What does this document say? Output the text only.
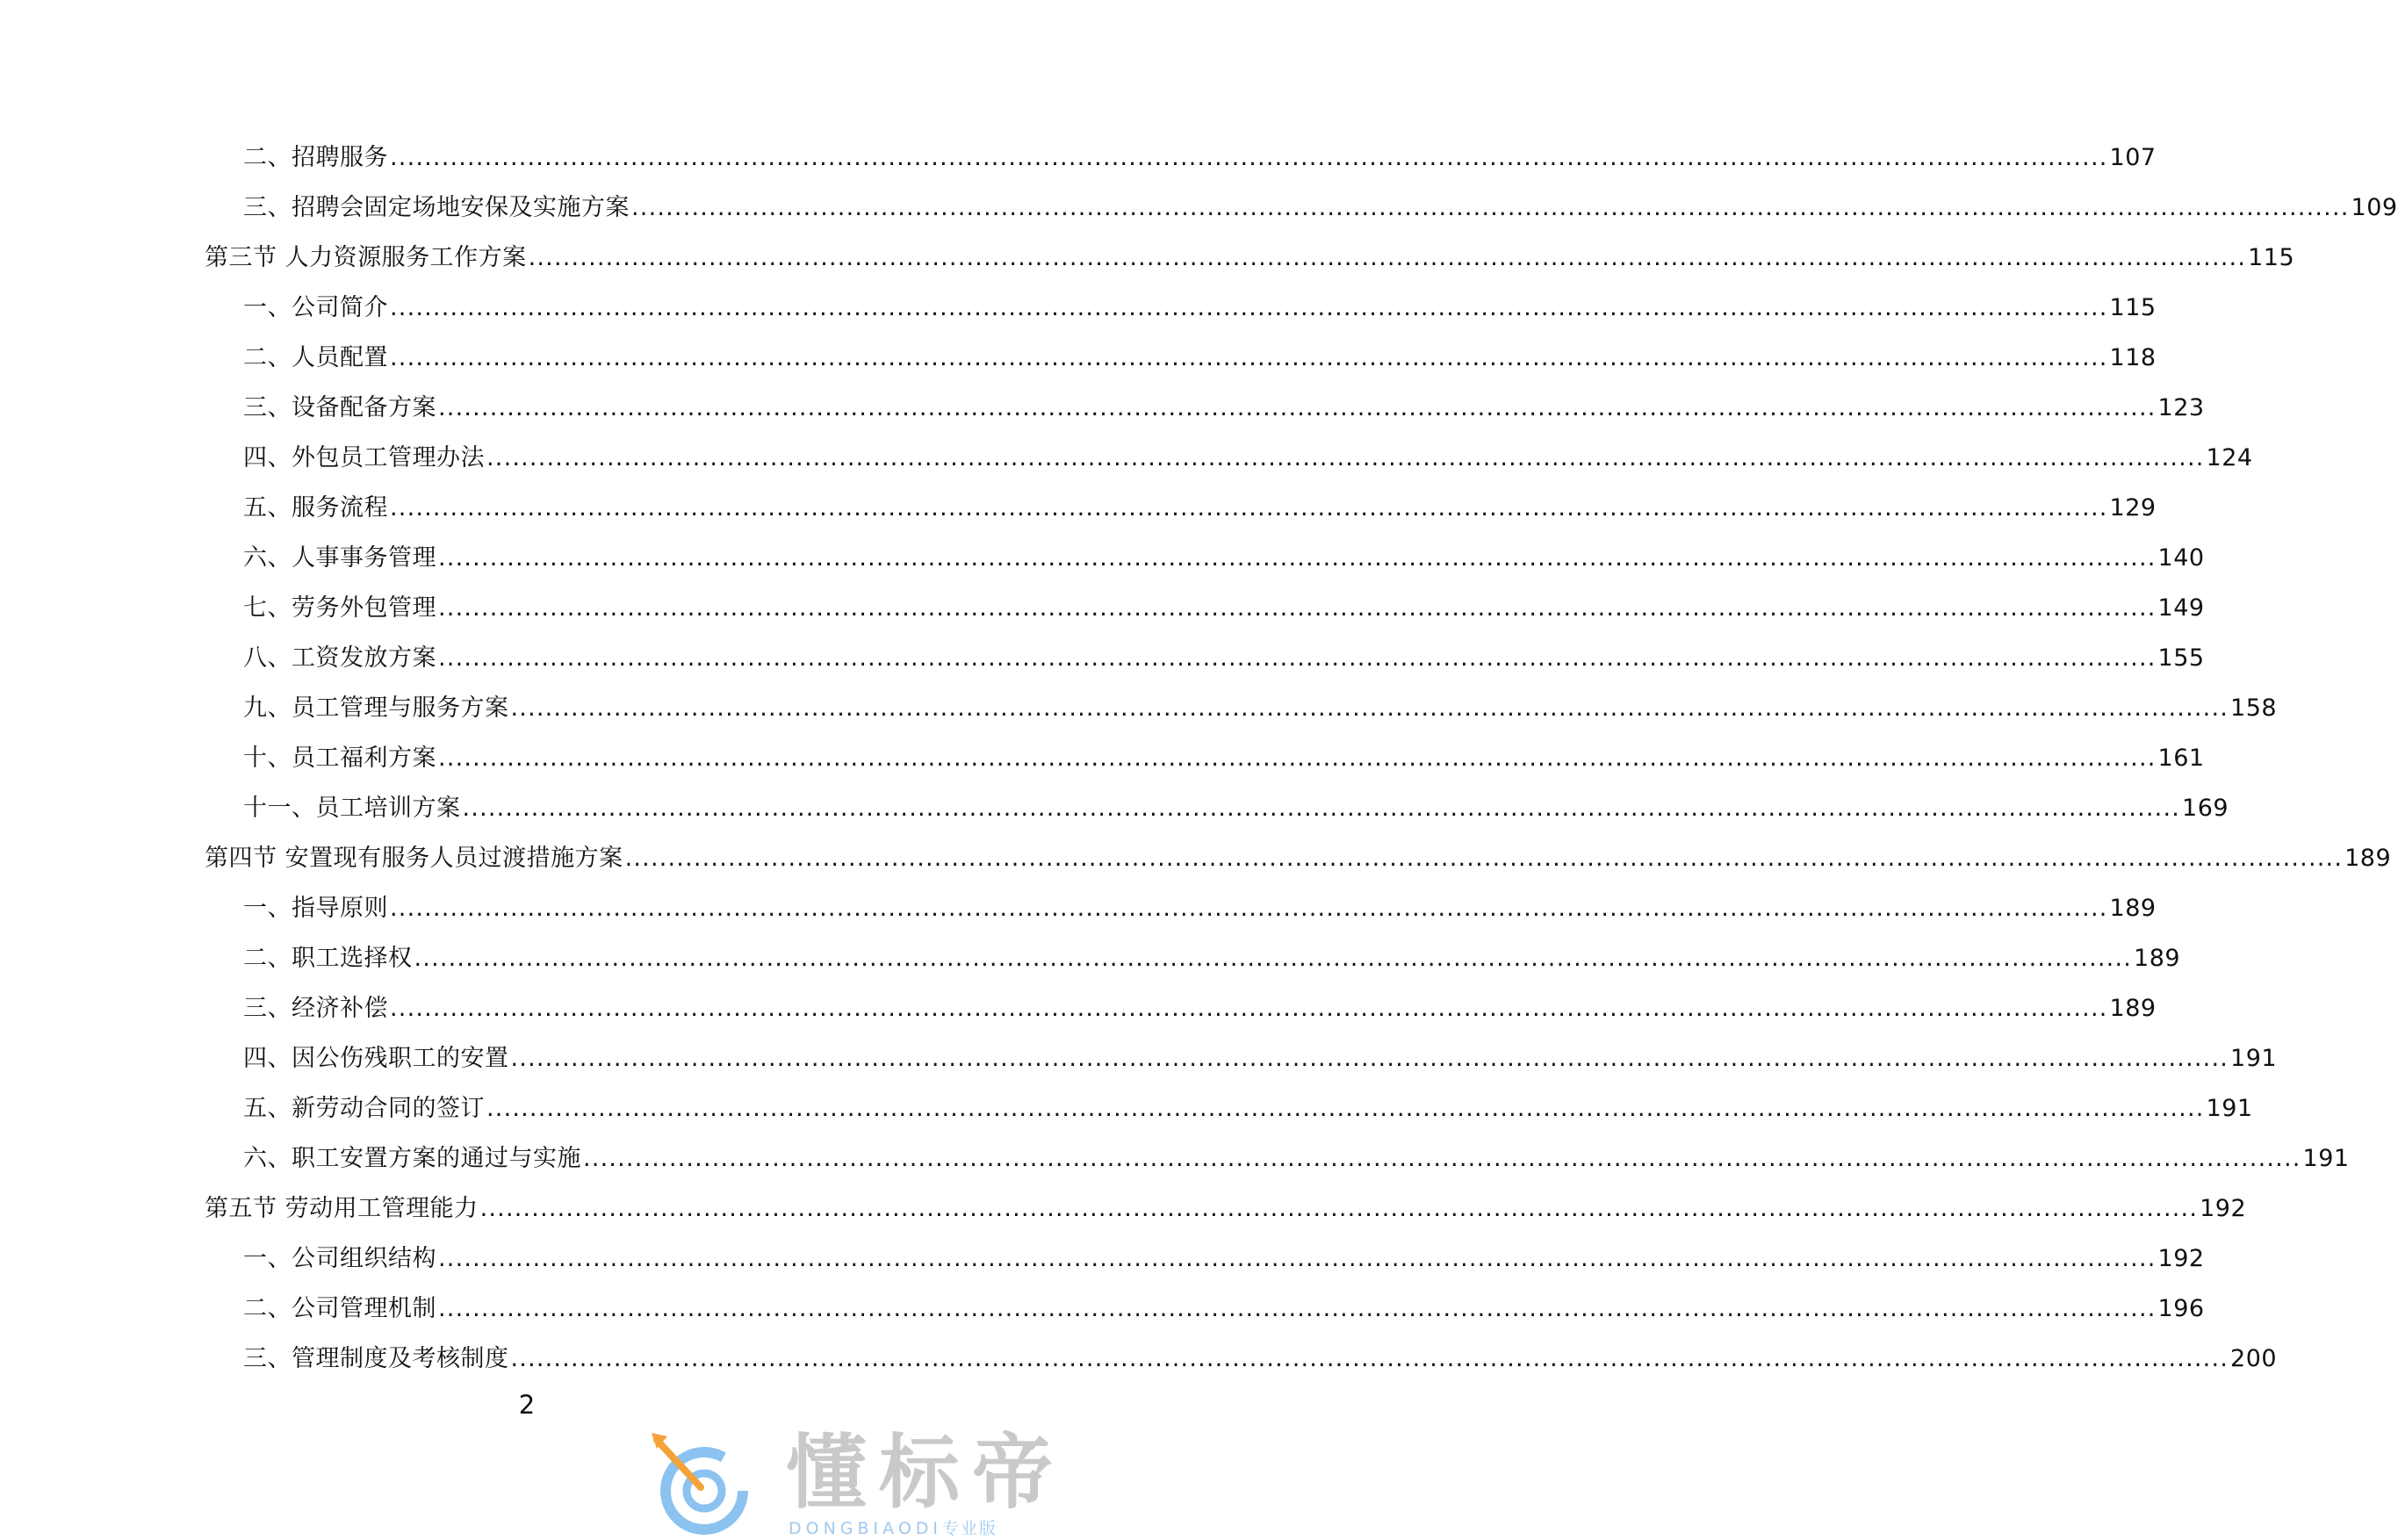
二、招聘服务 ........................................................................................................................................................................................................ 107
三、招聘会固定场地安保及实施方案 ........................................................................................................................................................................................................ 109
第三节 人力资源服务工作方案 ........................................................................................................................................................................................................ 115
一、公司简介 ........................................................................................................................................................................................................ 115
二、人员配置 ........................................................................................................................................................................................................ 118
三、设备配备方案 ........................................................................................................................................................................................................ 123
四、外包员工管理办法 ........................................................................................................................................................................................................ 124
五、服务流程 ........................................................................................................................................................................................................ 129
六、人事事务管理 ........................................................................................................................................................................................................ 140
七、劳务外包管理 ........................................................................................................................................................................................................ 149
八、工资发放方案 ........................................................................................................................................................................................................ 155
九、员工管理与服务方案 ........................................................................................................................................................................................................ 158
十、员工福利方案 ........................................................................................................................................................................................................ 161
十一、员工培训方案 ........................................................................................................................................................................................................ 169
第四节 安置现有服务人员过渡措施方案 ........................................................................................................................................................................................................ 189
一、指导原则 ........................................................................................................................................................................................................ 189
二、职工选择权 ........................................................................................................................................................................................................ 189
三、经济补偿 ........................................................................................................................................................................................................ 189
四、因公伤残职工的安置 ........................................................................................................................................................................................................ 191
五、新劳动合同的签订 ........................................................................................................................................................................................................ 191
六、职工安置方案的通过与实施 ........................................................................................................................................................................................................ 191
第五节 劳动用工管理能力 ........................................................................................................................................................................................................ 192
一、公司组织结构 ........................................................................................................................................................................................................ 192
二、公司管理机制 ........................................................................................................................................................................................................ 196
三、管理制度及考核制度 ........................................................................................................................................................................................................ 200
2
懂标帝
DONGBIAODI专业版
